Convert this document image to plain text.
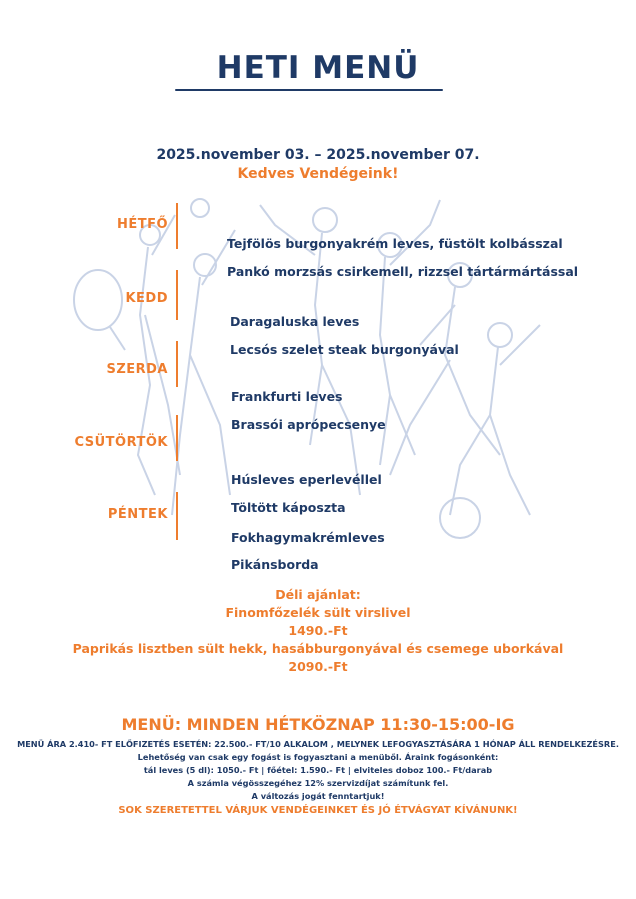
HETI MENÜ
2025.november 03. – 2025.november 07.
Kedves Vendégeink!
HÉTFŐ
KEDD
SZERDA
CSÜTÖRTÖK
PÉNTEK
Tejfölös burgonyakrém leves, füstölt kolbásszal
Pankó morzsás csirkemell, rizzsel tártármártással
Daragaluska leves
Lecsós szelet steak burgonyával
Frankfurti leves
Brassói aprópecsenye
Húsleves eperlevéllel
Töltött káposzta
Fokhagymakrémleves
Pikánsborda
Déli ajánlat:
Finomfőzelék sült virslivel
1490.-Ft
Paprikás lisztben sült hekk, hasábburgonyával és csemege uborkával
2090.-Ft
MENÜ: MINDEN HÉTKÖZNAP 11:30-15:00-IG
MENÜ ÁRA 2.410- FT ELŐFIZETÉS ESETÉN: 22.500.- FT/10 ALKALOM , MELYNEK LEFOGYASZTÁSÁRA 1 HÓNAP ÁLL RENDELKEZÉSRE.
Lehetőség van csak egy fogást is fogyasztani a menüből. Áraink fogásonként:
tál leves (5 dl): 1050.- Ft | főétel: 1.590.- Ft | elviteles doboz 100.- Ft/darab
A számla végösszegéhez 12% szervizdíjat számítunk fel.
A változás jogát fenntartjuk!
SOK SZERETETTEL VÁRJUK VENDÉGEINKET ÉS JÓ ÉTVÁGYAT KÍVÁNUNK!
